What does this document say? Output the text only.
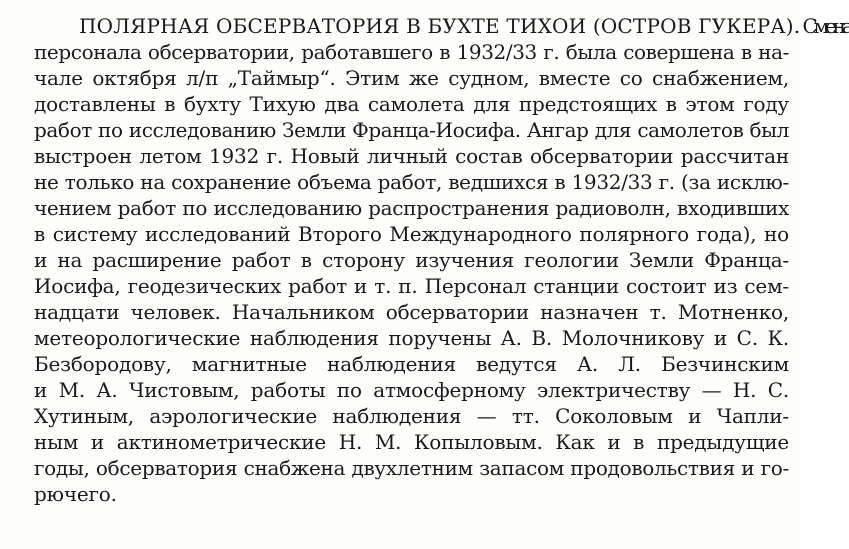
ПОЛЯРНАЯ ОБСЕРВАТОРИЯ В БУХТЕ ТИХОИ (ОСТРОВ ГУКЕРА). Смена
персонала обсерватории, работавшего в 1932/33 г. была совершена в на-
чале октября л/п „Таймыр“. Этим же судном, вместе со снабжением,
доставлены в бухту Тихую два самолета для предстоящих в этом году
работ по исследованию Земли Франца-Иосифа. Ангар для самолетов был
выстроен летом 1932 г. Новый личный состав обсерватории рассчитан
не только на сохранение объема работ, ведшихся в 1932/33 г. (за исклю-
чением работ по исследованию распространения радиоволн, входивших
в систему исследований Второго Международного полярного года), но
и на расширение работ в сторону изучения геологии Земли Франца-
Иосифа, геодезических работ и т. п. Персонал станции состоит из сем-
надцати человек. Начальником обсерватории назначен т. Мотненко,
метеорологические наблюдения поручены А. В. Молочникову и С. К.
Безбородову, магнитные наблюдения ведутся А. Л. Безчинским
и М. А. Чистовым, работы по атмосферному электричеству — Н. С.
Хутиным, аэрологические наблюдения — тт. Соколовым и Чапли-
ным и актинометрические Н. М. Копыловым. Как и в предыдущие
годы, обсерватория снабжена двухлетним запасом продовольствия и го-
рючего.
